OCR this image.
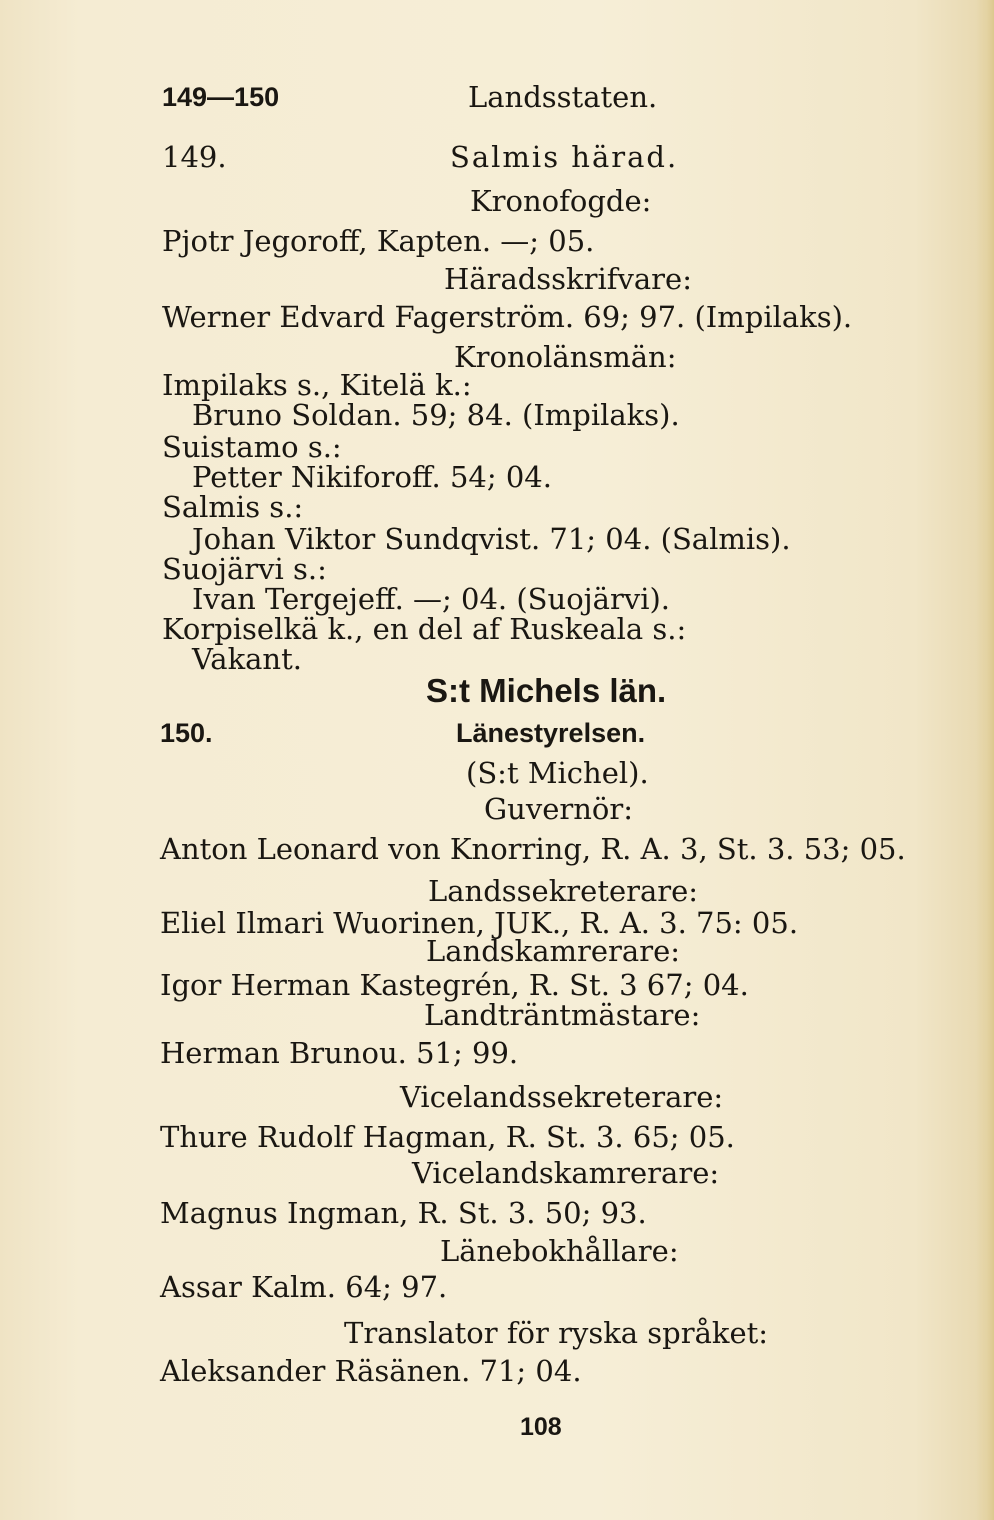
149—150	Landsstaten.
149.	Salmis härad.
Kronofogde:
Pjotr Jegoroff, Kapten. —; 05.
Häradsskrifvare:
Werner Edvard Fagerström. 69; 97. (Impilaks).
Kronolänsmän:
Impilaks s., Kitelä k.:
Bruno Soldan. 59; 84. (Impilaks).
Suistamo s.:
Petter Nikiforoff. 54; 04.
Salmis s.:
Johan Viktor Sundqvist. 71; 04. (Salmis).
Suojärvi s.:
Ivan Tergejeff. —; 04. (Suojärvi).
Korpiselkä k., en del af Ruskeala s.:
Vakant.
S:t Michels län.
150.	Länestyrelsen.
(S:t Michel).
Guvernör:
Anton Leonard von Knorring, R. A. 3, St. 3. 53; 05.
Landssekreterare:
Eliel Ilmari Wuorinen, JUK., R. A. 3. 75: 05.
Landskamrerare:
Igor Herman Kastegrén, R. St. 3 67; 04.
Landträntmästare:
Herman Brunou. 51; 99.
Vicelandssekreterare:
Thure Rudolf Hagman, R. St. 3. 65; 05.
Vicelandskamrerare:
Magnus Ingman, R. St. 3. 50; 93.
Länebokhållare:
Assar Kalm. 64; 97.
Translator för ryska språket:
Aleksander Räsänen. 71; 04.
108
